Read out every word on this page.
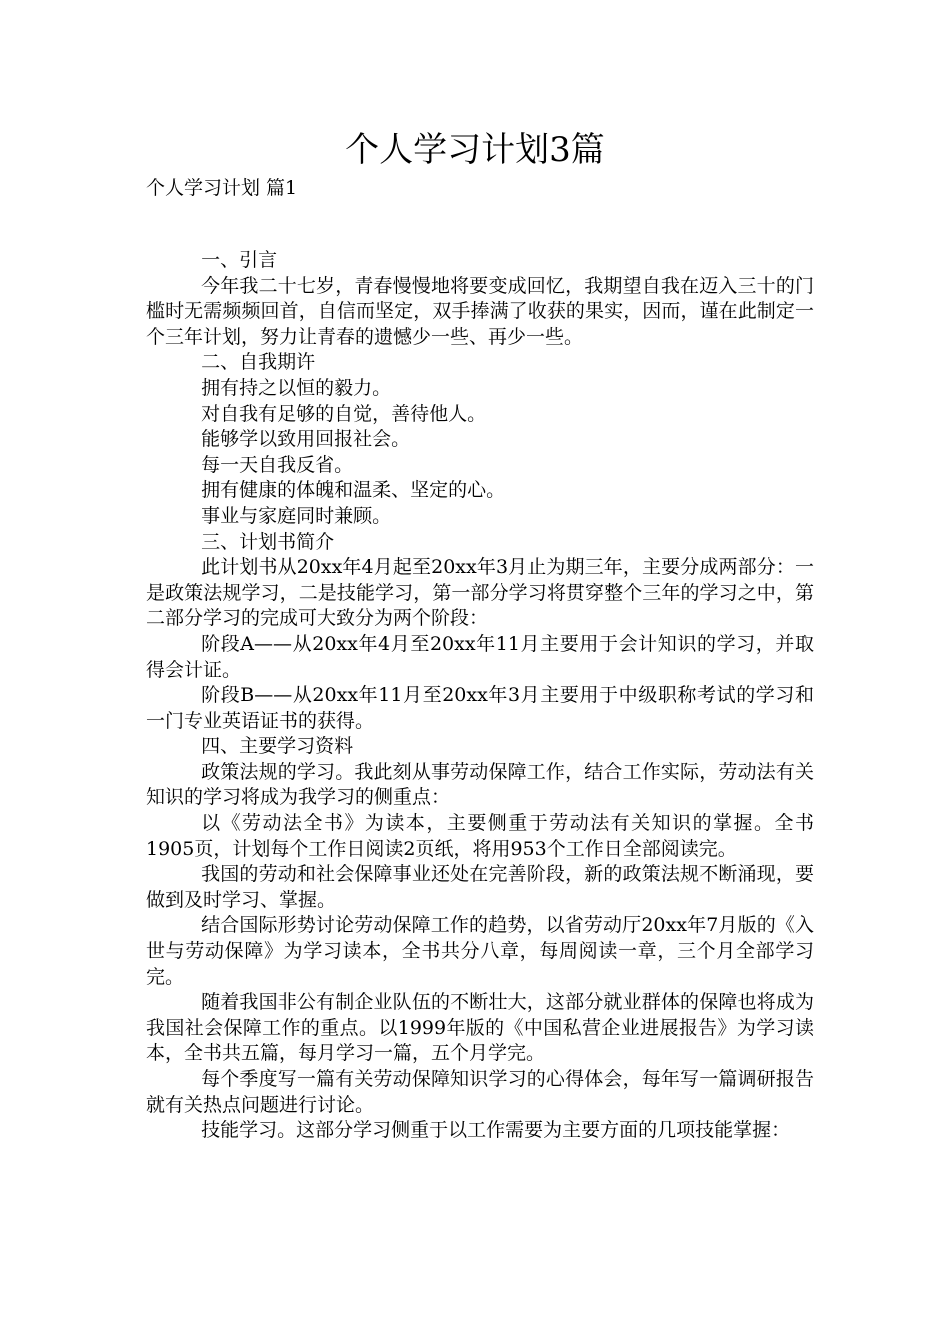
个人学习计划3篇
个人学习计划 篇1

一、引言

今年我二十七岁，青春慢慢地将要变成回忆，我期望自我在迈入三十的门槛时无需频频回首，自信而坚定，双手捧满了收获的果实，因而，谨在此制定一个三年计划，努力让青春的遗憾少一些、再少一些。

二、自我期许

拥有持之以恒的毅力。

对自我有足够的自觉，善待他人。

能够学以致用回报社会。

每一天自我反省。

拥有健康的体魄和温柔、坚定的心。

事业与家庭同时兼顾。

三、计划书简介

此计划书从20xx年4月起至20xx年3月止为期三年，主要分成两部分：一是政策法规学习，二是技能学习，第一部分学习将贯穿整个三年的学习之中，第二部分学习的完成可大致分为两个阶段：

阶段A——从20xx年4月至20xx年11月主要用于会计知识的学习，并取得会计证。

阶段B——从20xx年11月至20xx年3月主要用于中级职称考试的学习和一门专业英语证书的获得。

四、主要学习资料

政策法规的学习。我此刻从事劳动保障工作，结合工作实际，劳动法有关知识的学习将成为我学习的侧重点：

以《劳动法全书》为读本，主要侧重于劳动法有关知识的掌握。全书1905页，计划每个工作日阅读2页纸，将用953个工作日全部阅读完。

我国的劳动和社会保障事业还处在完善阶段，新的政策法规不断涌现，要做到及时学习、掌握。

结合国际形势讨论劳动保障工作的趋势，以省劳动厅20xx年7月版的《入世与劳动保障》为学习读本，全书共分八章，每周阅读一章，三个月全部学习完。

随着我国非公有制企业队伍的不断壮大，这部分就业群体的保障也将成为我国社会保障工作的重点。以1999年版的《中国私营企业进展报告》为学习读本，全书共五篇，每月学习一篇，五个月学完。

每个季度写一篇有关劳动保障知识学习的心得体会，每年写一篇调研报告就有关热点问题进行讨论。

技能学习。这部分学习侧重于以工作需要为主要方面的几项技能掌握：
